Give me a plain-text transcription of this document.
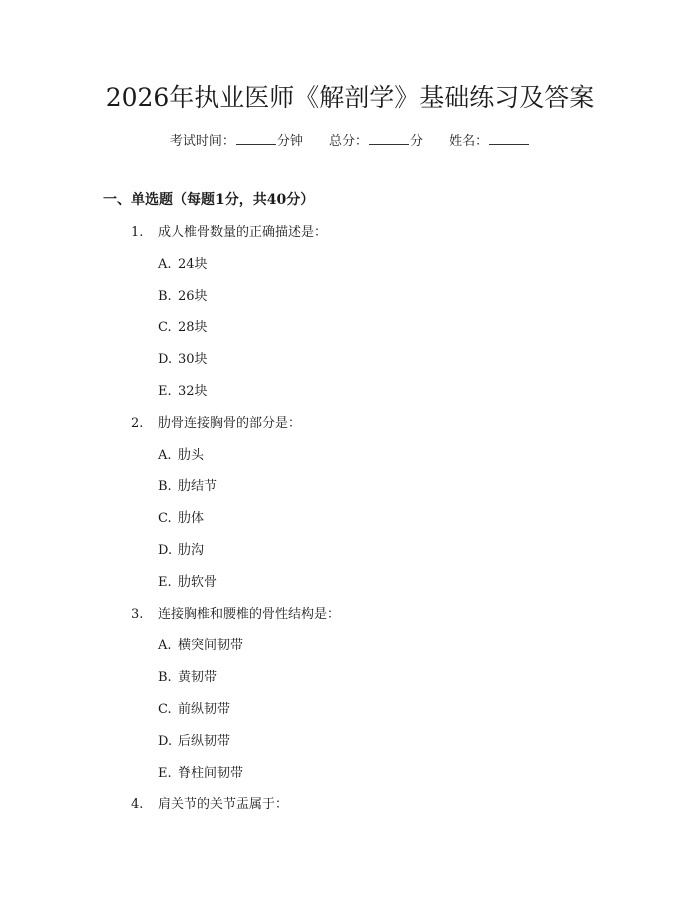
2026年执业医师《解剖学》基础练习及答案
考试时间：	分钟 总分：	分 姓名：
一、单选题（每题1分，共40分）
1. 成人椎骨数量的正确描述是：
A. 24块
B. 26块
C. 28块
D. 30块
E. 32块
2. 肋骨连接胸骨的部分是：
A. 肋头
B. 肋结节
C. 肋体
D. 肋沟
E. 肋软骨
3. 连接胸椎和腰椎的骨性结构是：
A. 横突间韧带
B. 黄韧带
C. 前纵韧带
D. 后纵韧带
E. 脊柱间韧带
4. 肩关节的关节盂属于：
